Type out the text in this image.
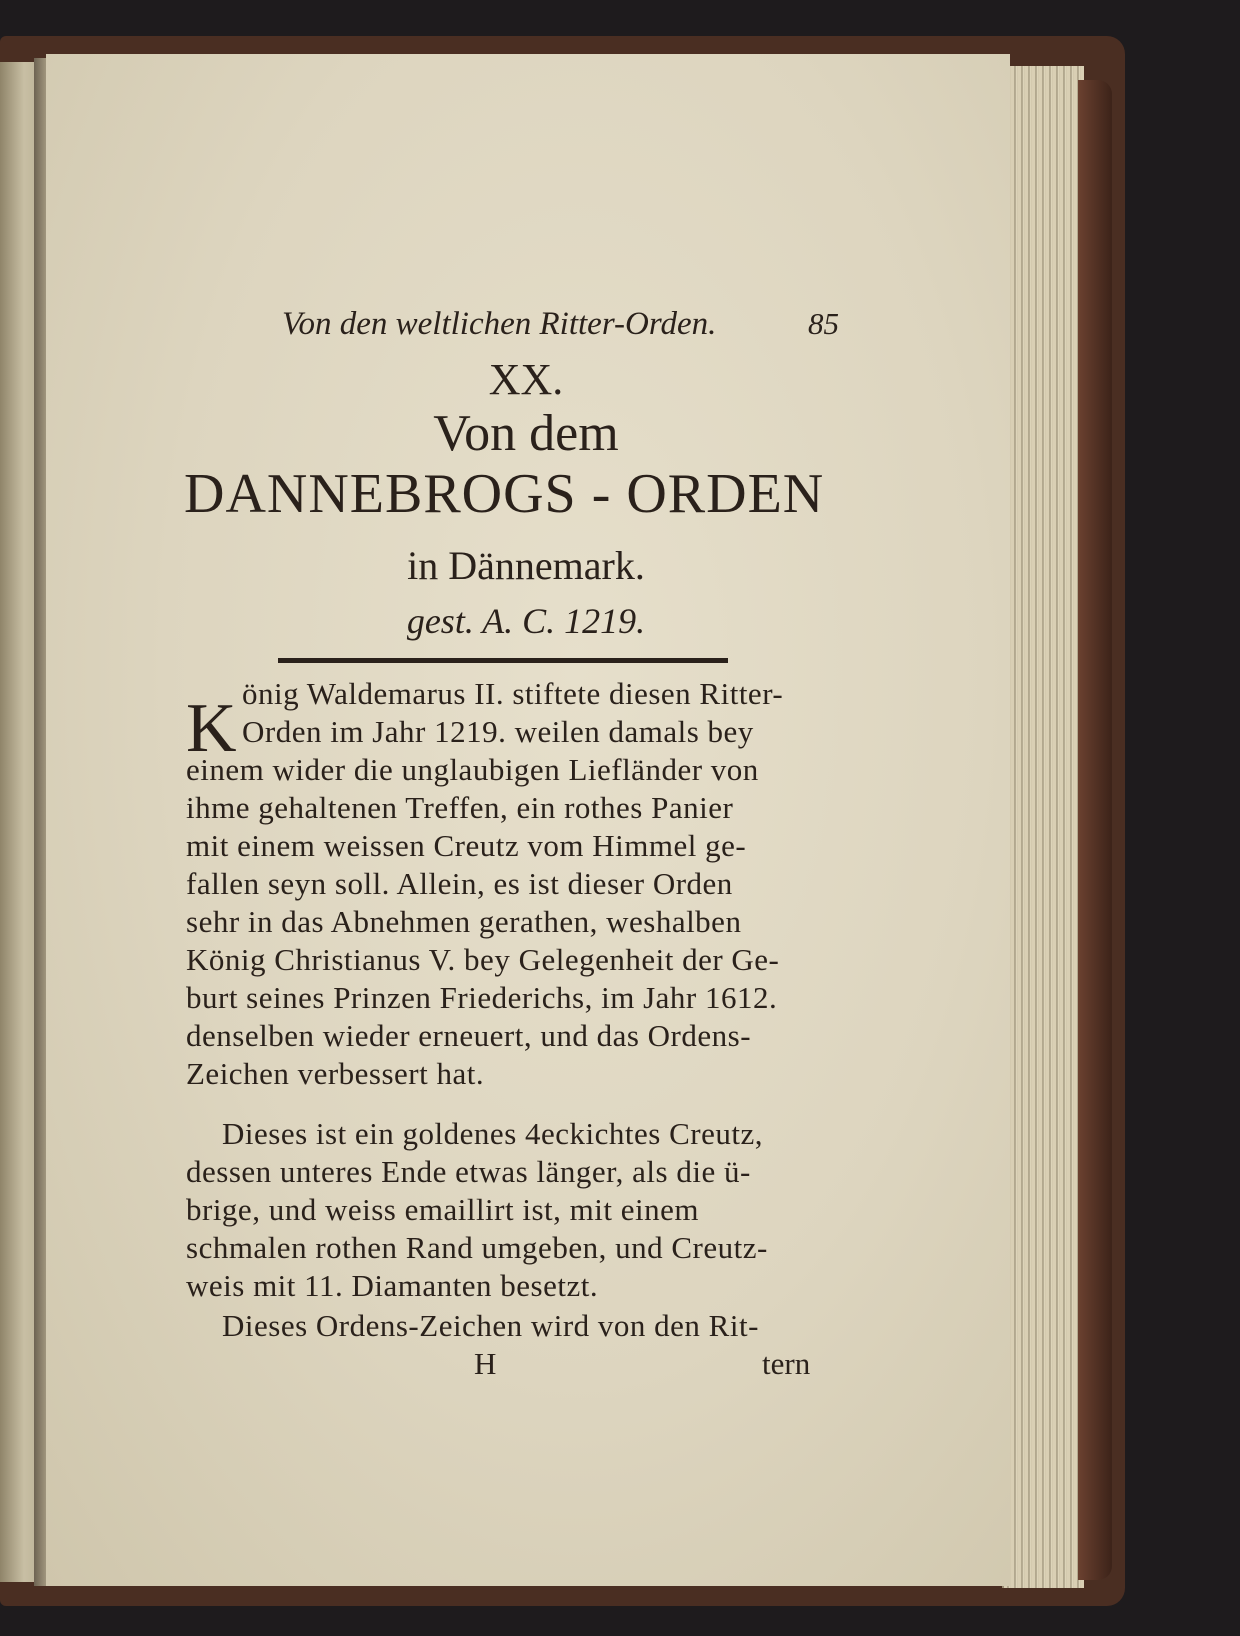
Von den weltlichen Ritter-Orden.	85
XX.
Von dem
DANNEBROGS - ORDEN
in Dännemark.
gest. A. C. 1219.
K önig Waldemarus II. stiftete diesen Ritter-
Orden im Jahr 1219. weilen damals bey
einem wider die unglaubigen Liefländer von
ihme gehaltenen Treffen, ein rothes Panier
mit einem weissen Creutz vom Himmel ge-
fallen seyn soll. Allein, es ist dieser Orden
sehr in das Abnehmen gerathen, weshalben
König Christianus V. bey Gelegenheit der Ge-
burt seines Prinzen Friederichs, im Jahr 1612.
denselben wieder erneuert, und das Ordens-
Zeichen verbessert hat.
Dieses ist ein goldenes 4eckichtes Creutz,
dessen unteres Ende etwas länger, als die ü-
brige, und weiss emaillirt ist, mit einem
schmalen rothen Rand umgeben, und Creutz-
weis mit 11. Diamanten besetzt.
Dieses Ordens-Zeichen wird von den Rit-
H	tern
